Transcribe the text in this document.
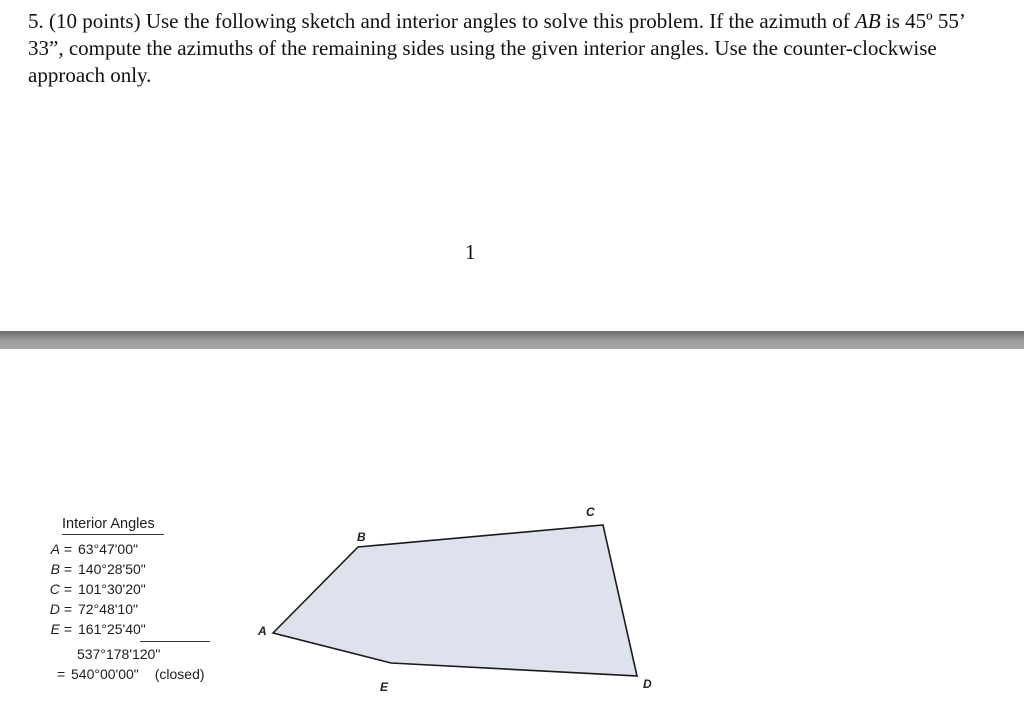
5. (10 points) Use the following sketch and interior angles to solve this problem. If the azimuth of AB is 45º 55’ 33”, compute the azimuths of the remaining sides using the given interior angles. Use the counter-clockwise approach only.

1
Interior Angles
A = 63°47'00"
B = 140°28'50"
C = 101°30'20"
D = 72°48'10"
E = 161°25'40"
537°178'120"
= 540°00'00" (closed)
A
B
C
D
E
